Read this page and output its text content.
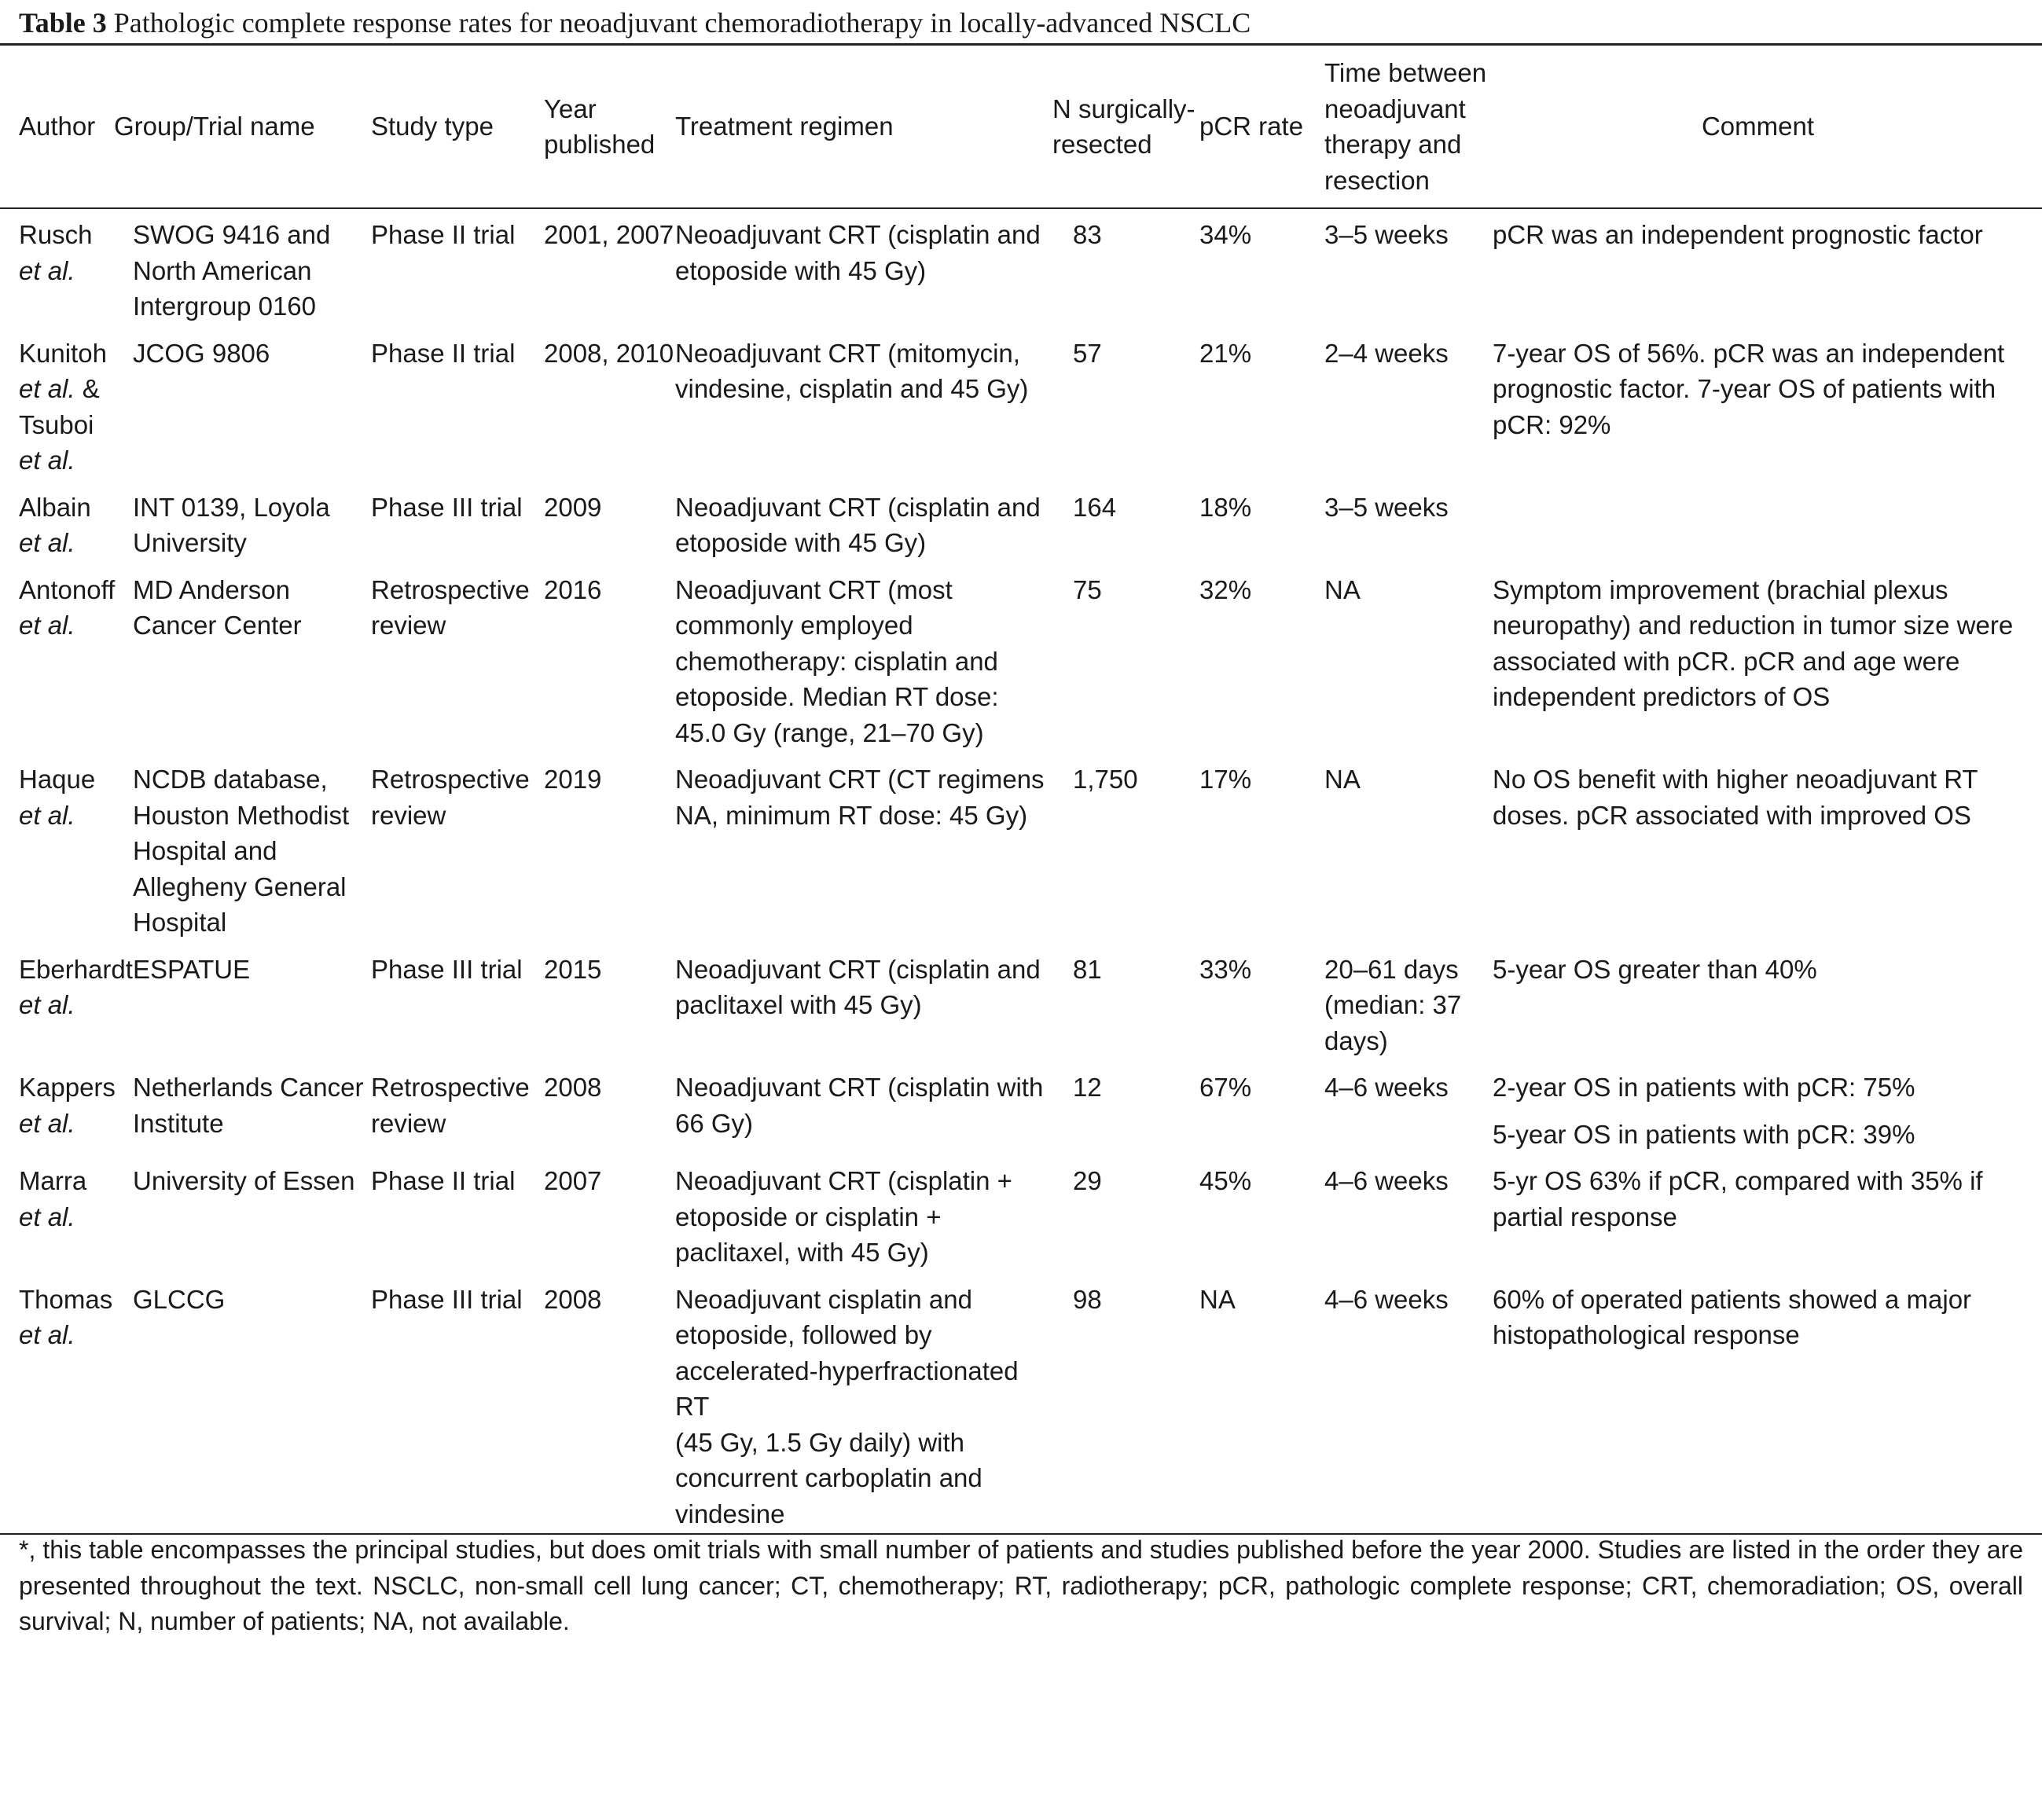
Table 3 Pathologic complete response rates for neoadjuvant chemoradiotherapy in locally-advanced NSCLC
Author	Group/Trial name	Study type	Year published	Treatment regimen	N surgically-resected	pCR rate	Time between neoadjuvant therapy and resection	Comment
Rusch
et al.	SWOG 9416 and North American Intergroup 0160	Phase II trial	2001, 2007	Neoadjuvant CRT (cisplatin and etoposide with 45 Gy)	83	34%	3–5 weeks	pCR was an independent prognostic factor
Kunitoh
et al. & Tsuboi
et al.	JCOG 9806	Phase II trial	2008, 2010	Neoadjuvant CRT (mitomycin, vindesine, cisplatin and 45 Gy)	57	21%	2–4 weeks	7-year OS of 56%. pCR was an independent prognostic factor. 7-year OS of patients with pCR: 92%
Albain
et al.	INT 0139, Loyola University	Phase III trial	2009	Neoadjuvant CRT (cisplatin and etoposide with 45 Gy)	164	18%	3–5 weeks	
Antonoff
et al.	MD Anderson Cancer Center	Retrospective review	2016	Neoadjuvant CRT (most commonly employed chemotherapy: cisplatin and etoposide. Median RT dose: 45.0 Gy (range, 21–70 Gy)	75	32%	NA	Symptom improvement (brachial plexus neuropathy) and reduction in tumor size were associated with pCR. pCR and age were independent predictors of OS
Haque
et al.	NCDB database, Houston Methodist Hospital and Allegheny General Hospital	Retrospective review	2019	Neoadjuvant CRT (CT regimens NA, minimum RT dose: 45 Gy)	1,750	17%	NA	No OS benefit with higher neoadjuvant RT doses. pCR associated with improved OS
Eberhardt
et al.	ESPATUE	Phase III trial	2015	Neoadjuvant CRT (cisplatin and paclitaxel with 45 Gy)	81	33%	20–61 days (median: 37 days)	5-year OS greater than 40%
Kappers
et al.	Netherlands Cancer Institute	Retrospective review	2008	Neoadjuvant CRT (cisplatin with 66 Gy)	12	67%	4–6 weeks	2-year OS in patients with pCR: 75%
5-year OS in patients with pCR: 39%

Marra
et al.	University of Essen	Phase II trial	2007	Neoadjuvant CRT (cisplatin + etoposide or cisplatin + paclitaxel, with 45 Gy)	29	45%	4–6 weeks	5-yr OS 63% if pCR, compared with 35% if partial response
Thomas
et al.	GLCCG	Phase III trial	2008	Neoadjuvant cisplatin and etoposide, followed by accelerated-hyperfractionated RT
(45 Gy, 1.5 Gy daily) with concurrent carboplatin and vindesine	98	NA	4–6 weeks	60% of operated patients showed a major histopathological response
*, this table encompasses the principal studies, but does omit trials with small number of patients and studies published before the year 2000. Studies are listed in the order they are presented throughout the text. NSCLC, non-small cell lung cancer; CT, chemotherapy; RT, radiotherapy; pCR, pathologic complete response; CRT, chemoradiation; OS, overall survival; N, number of patients; NA, not available.
